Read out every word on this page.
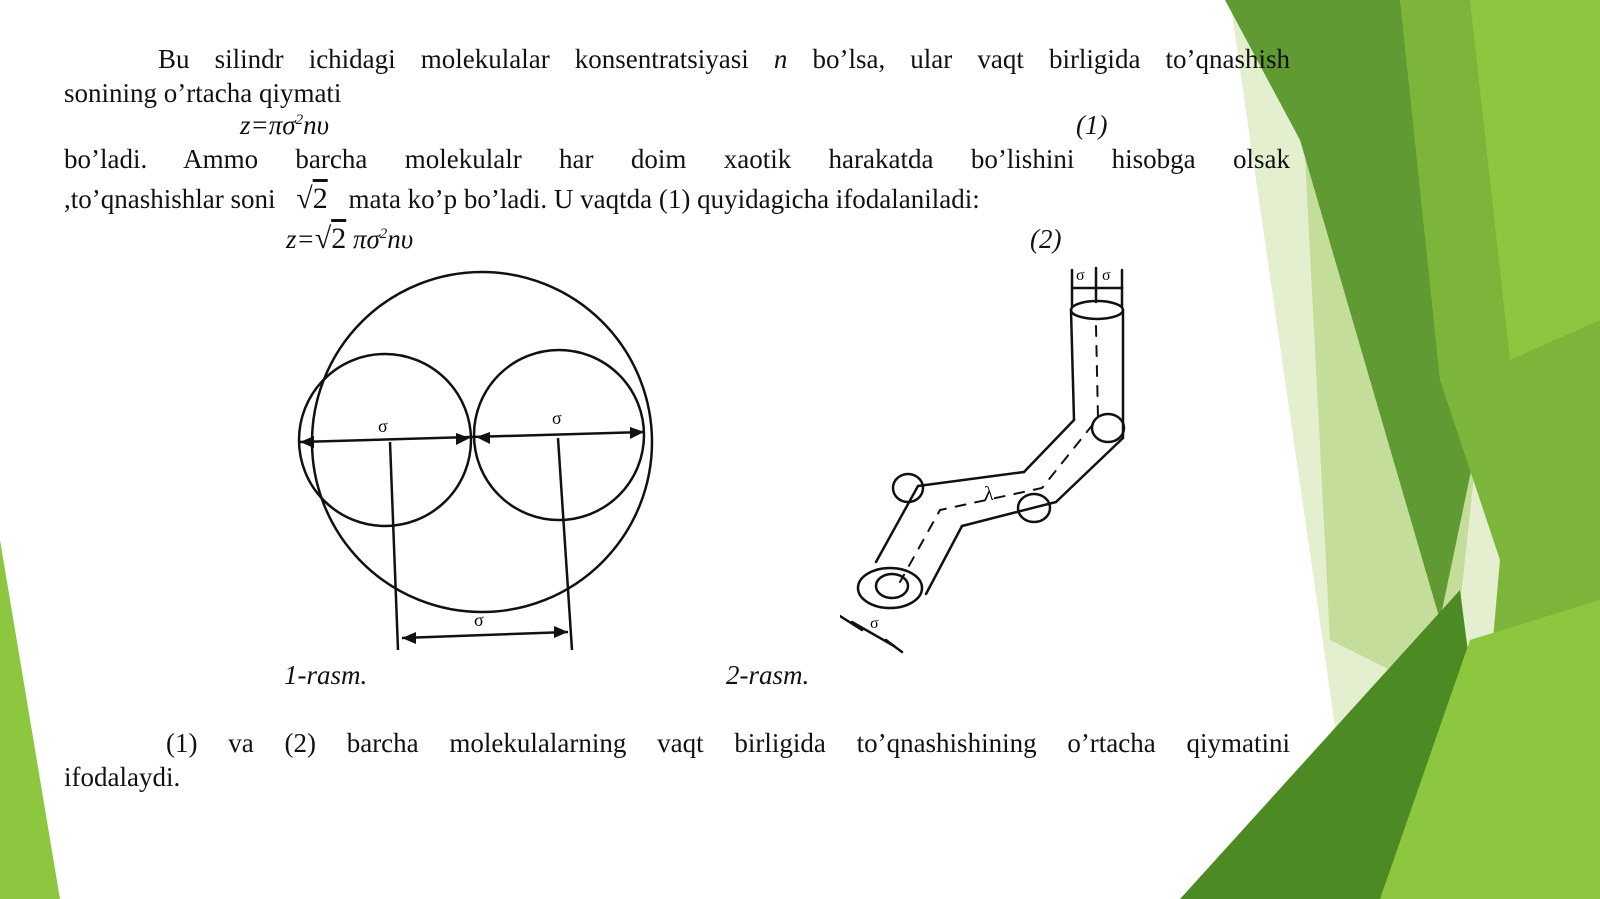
Bu silindr ichidagi molekulalar konsentratsiyasi n bo’lsa, ular vaqt birligida to’qnashish
sonining o’rtacha qiymati
$z=\pi\sigma^2n\upsilon$	(1)
bo’ladi. Ammo barcha molekulalr har doim xaotik harakatda bo’lishini hisobga olsak
,to’qnashishlar soni √2 mata ko’p bo’ladi. U vaqtda (1) quyidagicha ifodalaniladi:
z=√2 $\pi\sigma^2n\upsilon$	(2)
σ	σ
σ
σ σ
λ
σ
1-rasm.	2-rasm.
(1) va (2) barcha molekulalarning vaqt birligida to’qnashishining o’rtacha qiymatini
ifodalaydi.
